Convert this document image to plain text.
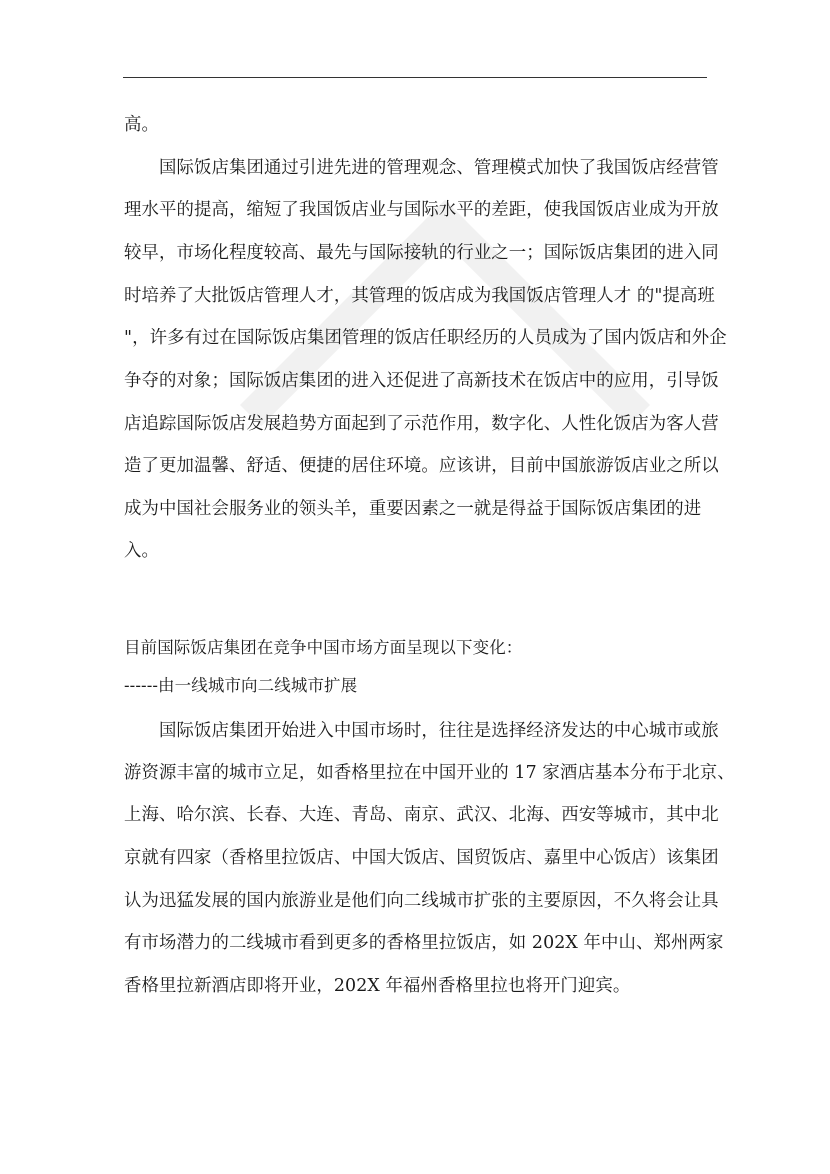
高。
国际饭店集团通过引进先进的管理观念、管理模式加快了我国饭店经营管
理水平的提高，缩短了我国饭店业与国际水平的差距，使我国饭店业成为开放
较早，市场化程度较高、最先与国际接轨的行业之一；国际饭店集团的进入同
时培养了大批饭店管理人才，其管理的饭店成为我国饭店管理人才 的"提高班
"，许多有过在国际饭店集团管理的饭店任职经历的人员成为了国内饭店和外企
争夺的对象；国际饭店集团的进入还促进了高新技术在饭店中的应用，引导饭
店追踪国际饭店发展趋势方面起到了示范作用，数字化、人性化饭店为客人营
造了更加温馨、舒适、便捷的居住环境。应该讲，目前中国旅游饭店业之所以
成为中国社会服务业的领头羊，重要因素之一就是得益于国际饭店集团的进
入。
目前国际饭店集团在竞争中国市场方面呈现以下变化：
------由一线城市向二线城市扩展
国际饭店集团开始进入中国市场时，往往是选择经济发达的中心城市或旅
游资源丰富的城市立足，如香格里拉在中国开业的 17 家酒店基本分布于北京、
上海、哈尔滨、长春、大连、青岛、南京、武汉、北海、西安等城市，其中北
京就有四家（香格里拉饭店、中国大饭店、国贸饭店、嘉里中心饭店）该集团
认为迅猛发展的国内旅游业是他们向二线城市扩张的主要原因，不久将会让具
有市场潜力的二线城市看到更多的香格里拉饭店，如 202X 年中山、郑州两家
香格里拉新酒店即将开业，202X 年福州香格里拉也将开门迎宾。
